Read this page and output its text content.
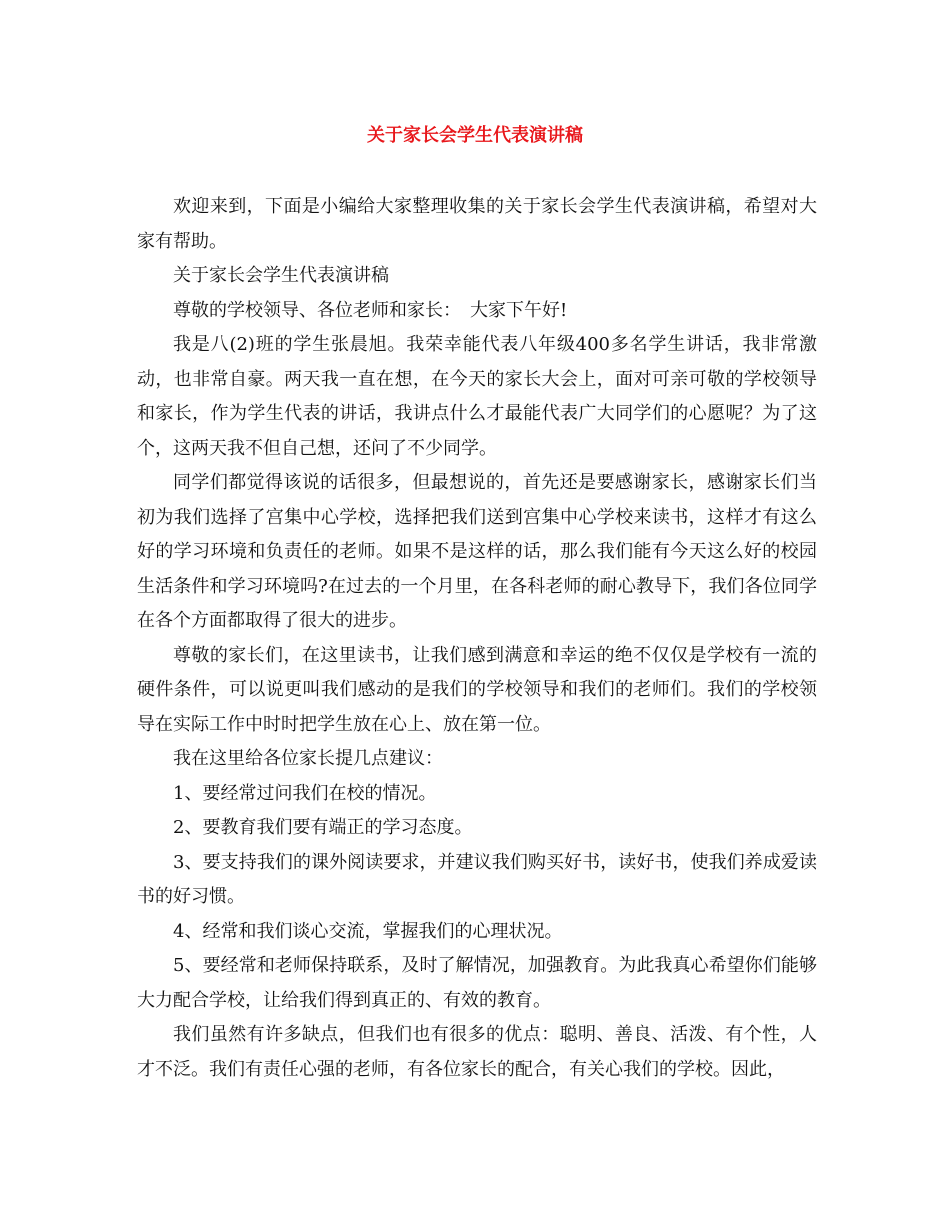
关于家长会学生代表演讲稿

欢迎来到，下面是小编给大家整理收集的关于家长会学生代表演讲稿，希望对大家有帮助。

关于家长会学生代表演讲稿

尊敬的学校领导、各位老师和家长：　大家下午好!

我是八(2)班的学生张晨旭。我荣幸能代表八年级400多名学生讲话，我非常激动，也非常自豪。两天我一直在想，在今天的家长大会上，面对可亲可敬的学校领导和家长，作为学生代表的讲话，我讲点什么才最能代表广大同学们的心愿呢？为了这个，这两天我不但自己想，还问了不少同学。

同学们都觉得该说的话很多，但最想说的，首先还是要感谢家长，感谢家长们当初为我们选择了宫集中心学校，选择把我们送到宫集中心学校来读书，这样才有这么好的学习环境和负责任的老师。如果不是这样的话，那么我们能有今天这么好的校园生活条件和学习环境吗?在过去的一个月里，在各科老师的耐心教导下，我们各位同学在各个方面都取得了很大的进步。

尊敬的家长们，在这里读书，让我们感到满意和幸运的绝不仅仅是学校有一流的硬件条件，可以说更叫我们感动的是我们的学校领导和我们的老师们。我们的学校领导在实际工作中时时把学生放在心上、放在第一位。

我在这里给各位家长提几点建议：

1、要经常过问我们在校的情况。

2、要教育我们要有端正的学习态度。

3、要支持我们的课外阅读要求，并建议我们购买好书，读好书，使我们养成爱读书的好习惯。

4、经常和我们谈心交流，掌握我们的心理状况。

5、要经常和老师保持联系，及时了解情况，加强教育。为此我真心希望你们能够大力配合学校，让给我们得到真正的、有效的教育。

我们虽然有许多缺点，但我们也有很多的优点：聪明、善良、活泼、有个性，人才不泛。我们有责任心强的老师，有各位家长的配合，有关心我们的学校。因此，
